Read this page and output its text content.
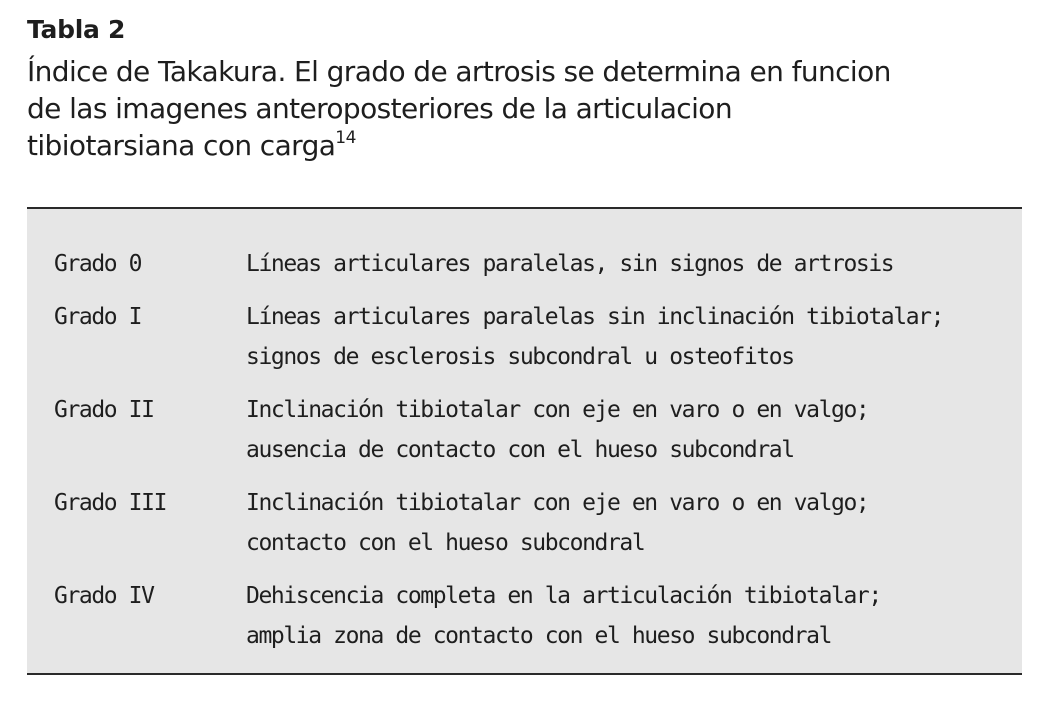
Tabla 2
Índice de Takakura. El grado de artrosis se determina en funcion
de las imagenes anteroposteriores de la articulacion
tibiotarsiana con carga$^{14}$
Grado 0	Líneas articulares paralelas, sin signos de artrosis
Grado I	Líneas articulares paralelas sin inclinación tibiotalar;
signos de esclerosis subcondral u osteofitos
Grado II	Inclinación tibiotalar con eje en varo o en valgo;
ausencia de contacto con el hueso subcondral
Grado III	Inclinación tibiotalar con eje en varo o en valgo;
contacto con el hueso subcondral
Grado IV	Dehiscencia completa en la articulación tibiotalar;
amplia zona de contacto con el hueso subcondral
